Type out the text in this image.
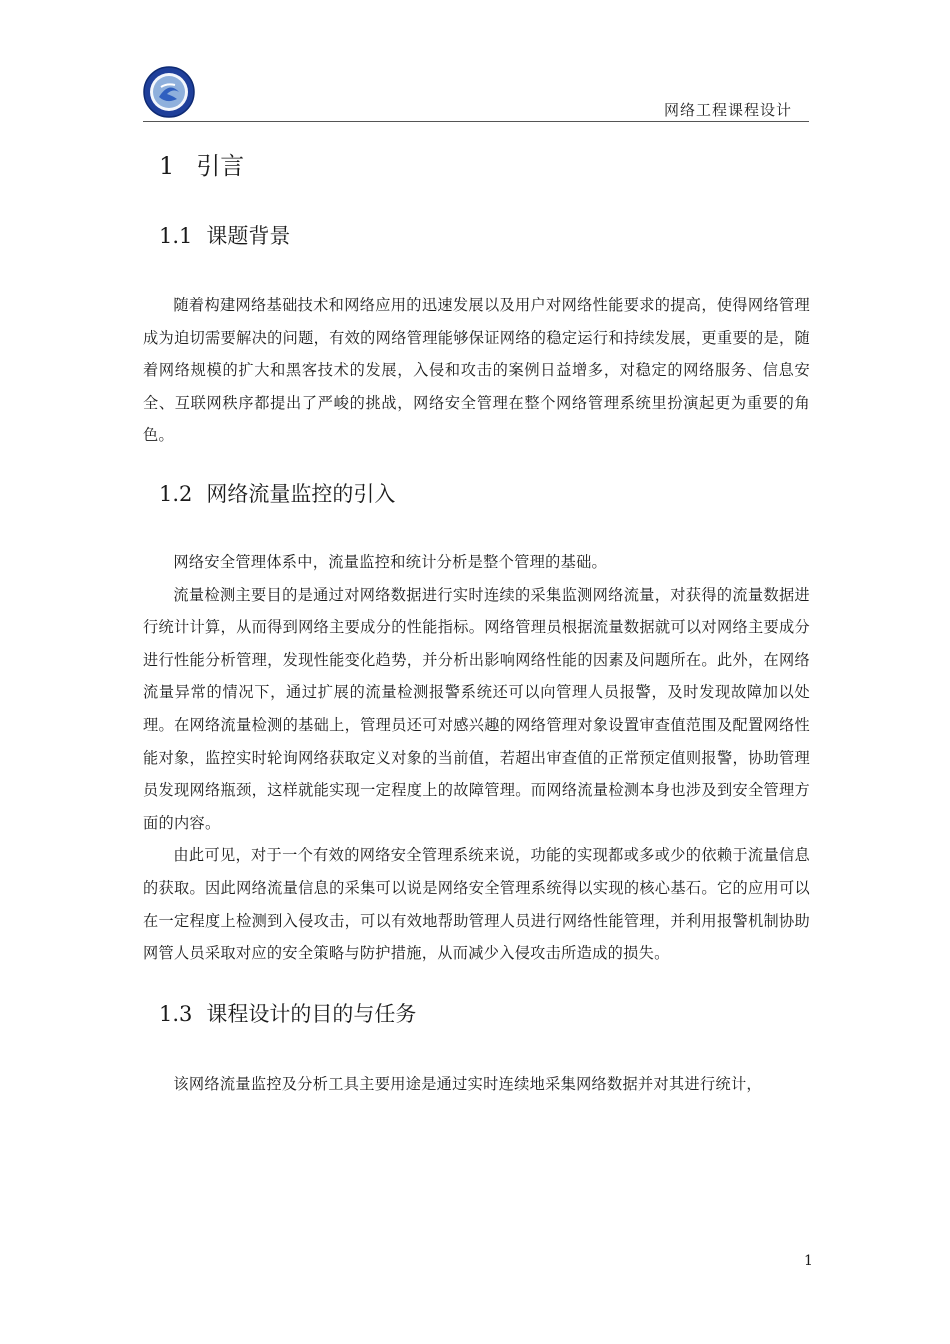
网络工程课程设计
1 引言
1.1 课题背景

随着构建网络基础技术和网络应用的迅速发展以及用户对网络性能要求的提高，使得网络管理成为迫切需要解决的问题，有效的网络管理能够保证网络的稳定运行和持续发展，更重要的是，随着网络规模的扩大和黑客技术的发展，入侵和攻击的案例日益增多，对稳定的网络服务、信息安全、互联网秩序都提出了严峻的挑战，网络安全管理在整个网络管理系统里扮演起更为重要的角色。

1.2 网络流量监控的引入

网络安全管理体系中，流量监控和统计分析是整个管理的基础。

流量检测主要目的是通过对网络数据进行实时连续的采集监测网络流量，对获得的流量数据进行统计计算，从而得到网络主要成分的性能指标。网络管理员根据流量数据就可以对网络主要成分进行性能分析管理，发现性能变化趋势，并分析出影响网络性能的因素及问题所在。此外，在网络流量异常的情况下，通过扩展的流量检测报警系统还可以向管理人员报警，及时发现故障加以处理。在网络流量检测的基础上，管理员还可对感兴趣的网络管理对象设置审查值范围及配置网络性能对象，监控实时轮询网络获取定义对象的当前值，若超出审查值的正常预定值则报警，协助管理员发现网络瓶颈，这样就能实现一定程度上的故障管理。而网络流量检测本身也涉及到安全管理方面的内容。

由此可见，对于一个有效的网络安全管理系统来说，功能的实现都或多或少的依赖于流量信息的获取。因此网络流量信息的采集可以说是网络安全管理系统得以实现的核心基石。它的应用可以在一定程度上检测到入侵攻击，可以有效地帮助管理人员进行网络性能管理，并利用报警机制协助网管人员采取对应的安全策略与防护措施，从而减少入侵攻击所造成的损失。

1.3 课程设计的目的与任务

该网络流量监控及分析工具主要用途是通过实时连续地采集网络数据并对其进行统计，

1
